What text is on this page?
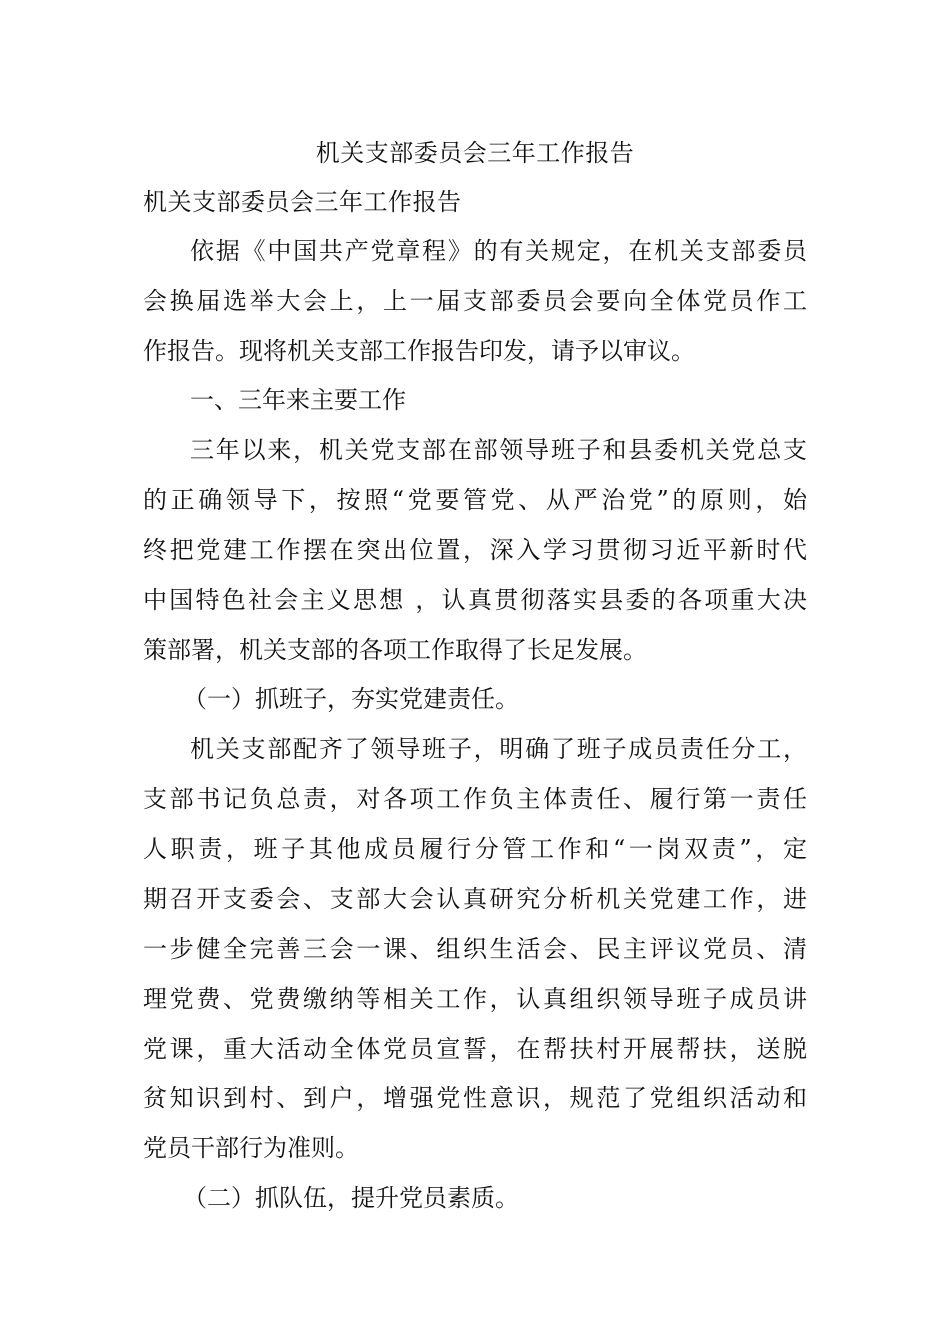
机关支部委员会三年工作报告
机关支部委员会三年工作报告
依据《中国共产党章程》的有关规定，在机关支部委员
会换届选举大会上，上一届支部委员会要向全体党员作工
作报告。现将机关支部工作报告印发，请予以审议。
一、三年来主要工作
三年以来，机关党支部在部领导班子和县委机关党总支
的正确领导下，按照“党要管党、从严治党”的原则，始
终把党建工作摆在突出位置，深入学习贯彻习近平新时代
中国特色社会主义思想 ，认真贯彻落实县委的各项重大决
策部署，机关支部的各项工作取得了长足发展。
（一）抓班子，夯实党建责任。
机关支部配齐了领导班子，明确了班子成员责任分工，
支部书记负总责，对各项工作负主体责任、履行第一责任
人职责，班子其他成员履行分管工作和“一岗双责”，定
期召开支委会、支部大会认真研究分析机关党建工作，进
一步健全完善三会一课、组织生活会、民主评议党员、清
理党费、党费缴纳等相关工作，认真组织领导班子成员讲
党课，重大活动全体党员宣誓，在帮扶村开展帮扶，送脱
贫知识到村、到户，增强党性意识，规范了党组织活动和
党员干部行为准则。
（二）抓队伍，提升党员素质。
